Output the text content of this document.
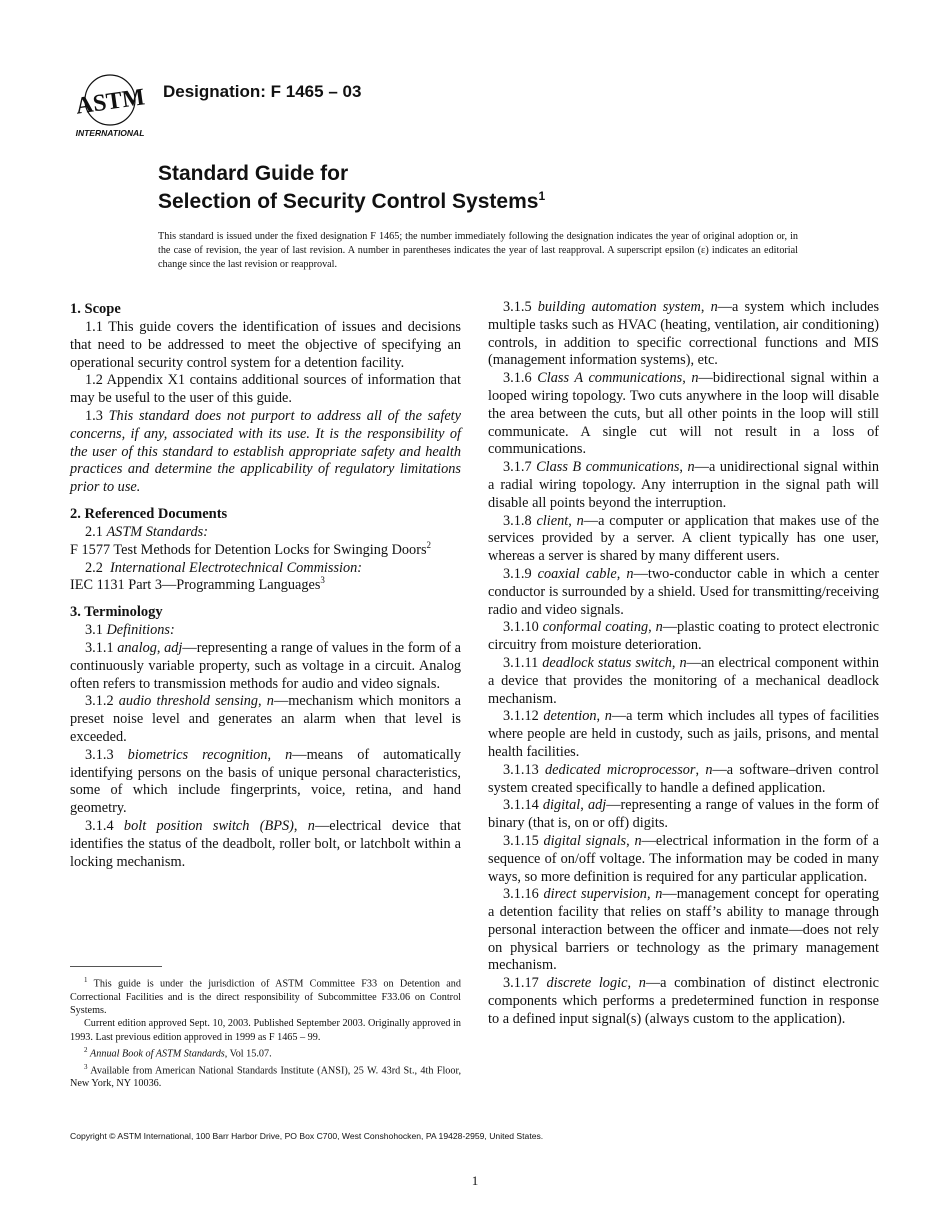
ASTM
INTERNATIONAL
Designation: F 1465 – 03
Standard Guide for
Selection of Security Control Systems$^1$
This standard is issued under the fixed designation F 1465; the number immediately following the designation indicates the year of original adoption or, in the case of revision, the year of last revision. A number in parentheses indicates the year of last reapproval. A superscript epsilon (ε) indicates an editorial change since the last revision or reapproval.
1. Scope

1.1 This guide covers the identification of issues and decisions that need to be addressed to meet the objective of specifying an operational security control system for a detention facility.

1.2 Appendix X1 contains additional sources of information that may be useful to the user of this guide.

1.3 This standard does not purport to address all of the safety concerns, if any, associated with its use. It is the responsibility of the user of this standard to establish appropriate safety and health practices and determine the applicability of regulatory limitations prior to use.

2. Referenced Documents

2.1 ASTM Standards:

F 1577 Test Methods for Detention Locks for Swinging Doors$^2$

2.2 International Electrotechnical Commission:

IEC 1131 Part 3—Programming Languages$^3$

3. Terminology

3.1 Definitions:

3.1.1 analog, adj—representing a range of values in the form of a continuously variable property, such as voltage in a circuit. Analog often refers to transmission methods for audio and video signals.

3.1.2 audio threshold sensing, n—mechanism which monitors a preset noise level and generates an alarm when that level is exceeded.

3.1.3 biometrics recognition, n—means of automatically identifying persons on the basis of unique personal characteristics, some of which include fingerprints, voice, retina, and hand geometry.

3.1.4 bolt position switch (BPS), n—electrical device that identifies the status of the deadbolt, roller bolt, or latchbolt within a locking mechanism.

3.1.5 building automation system, n—a system which includes multiple tasks such as HVAC (heating, ventilation, air conditioning) controls, in addition to specific correctional functions and MIS (management information systems), etc.

3.1.6 Class A communications, n—bidirectional signal within a looped wiring topology. Two cuts anywhere in the loop will disable the area between the cuts, but all other points in the loop will still communicate. A single cut will not result in a loss of communications.

3.1.7 Class B communications, n—a unidirectional signal within a radial wiring topology. Any interruption in the signal path will disable all points beyond the interruption.

3.1.8 client, n—a computer or application that makes use of the services provided by a server. A client typically has one user, whereas a server is shared by many different users.

3.1.9 coaxial cable, n—two-conductor cable in which a center conductor is surrounded by a shield. Used for transmitting/receiving radio and video signals.

3.1.10 conformal coating, n—plastic coating to protect electronic circuitry from moisture deterioration.

3.1.11 deadlock status switch, n—an electrical component within a device that provides the monitoring of a mechanical deadlock mechanism.

3.1.12 detention, n—a term which includes all types of facilities where people are held in custody, such as jails, prisons, and mental health facilities.

3.1.13 dedicated microprocessor, n—a software–driven control system created specifically to handle a defined application.

3.1.14 digital, adj—representing a range of values in the form of binary (that is, on or off) digits.

3.1.15 digital signals, n—electrical information in the form of a sequence of on/off voltage. The information may be coded in many ways, so more definition is required for any particular application.

3.1.16 direct supervision, n—management concept for operating a detention facility that relies on staff’s ability to manage through personal interaction between the officer and inmate—does not rely on physical barriers or technology as the primary management mechanism.

3.1.17 discrete logic, n—a combination of distinct electronic components which performs a predetermined function in response to a defined input signal(s) (always custom to the application).

$^1$ This guide is under the jurisdiction of ASTM Committee F33 on Detention and Correctional Facilities and is the direct responsibility of Subcommittee F33.06 on Control Systems.

Current edition approved Sept. 10, 2003. Published September 2003. Originally approved in 1993. Last previous edition approved in 1999 as F 1465 – 99.

$^2$ Annual Book of ASTM Standards, Vol 15.07.

$^3$ Available from American National Standards Institute (ANSI), 25 W. 43rd St., 4th Floor, New York, NY 10036.

Copyright © ASTM International, 100 Barr Harbor Drive, PO Box C700, West Conshohocken, PA 19428-2959, United States.
1
